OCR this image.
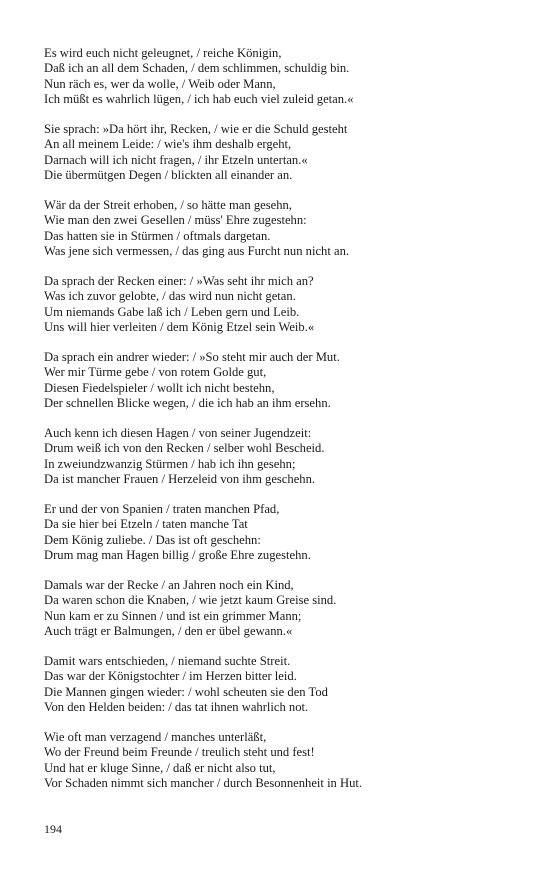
Es wird euch nicht geleugnet, / reiche Königin,
Daß ich an all dem Schaden, / dem schlimmen, schuldig bin.
Nun räch es, wer da wolle, / Weib oder Mann,
Ich müßt es wahrlich lügen, / ich hab euch viel zuleid getan.«
Sie sprach: »Da hört ihr, Recken, / wie er die Schuld gesteht
An all meinem Leide: / wie's ihm deshalb ergeht,
Darnach will ich nicht fragen, / ihr Etzeln untertan.«
Die übermütgen Degen / blickten all einander an.
Wär da der Streit erhoben, / so hätte man gesehn,
Wie man den zwei Gesellen / müss' Ehre zugestehn:
Das hatten sie in Stürmen / oftmals dargetan.
Was jene sich vermessen, / das ging aus Furcht nun nicht an.
Da sprach der Recken einer: / »Was seht ihr mich an?
Was ich zuvor gelobte, / das wird nun nicht getan.
Um niemands Gabe laß ich / Leben gern und Leib.
Uns will hier verleiten / dem König Etzel sein Weib.«
Da sprach ein andrer wieder: / »So steht mir auch der Mut.
Wer mir Türme gebe / von rotem Golde gut,
Diesen Fiedelspieler / wollt ich nicht bestehn,
Der schnellen Blicke wegen, / die ich hab an ihm ersehn.
Auch kenn ich diesen Hagen / von seiner Jugendzeit:
Drum weiß ich von den Recken / selber wohl Bescheid.
In zweiundzwanzig Stürmen / hab ich ihn gesehn;
Da ist mancher Frauen / Herzeleid von ihm geschehn.
Er und der von Spanien / traten manchen Pfad,
Da sie hier bei Etzeln / taten manche Tat
Dem König zuliebe. / Das ist oft geschehn:
Drum mag man Hagen billig / große Ehre zugestehn.
Damals war der Recke / an Jahren noch ein Kind,
Da waren schon die Knaben, / wie jetzt kaum Greise sind.
Nun kam er zu Sinnen / und ist ein grimmer Mann;
Auch trägt er Balmungen, / den er übel gewann.«
Damit wars entschieden, / niemand suchte Streit.
Das war der Königstochter / im Herzen bitter leid.
Die Mannen gingen wieder: / wohl scheuten sie den Tod
Von den Helden beiden: / das tat ihnen wahrlich not.
Wie oft man verzagend / manches unterläßt,
Wo der Freund beim Freunde / treulich steht und fest!
Und hat er kluge Sinne, / daß er nicht also tut,
Vor Schaden nimmt sich mancher / durch Besonnenheit in Hut.
194
